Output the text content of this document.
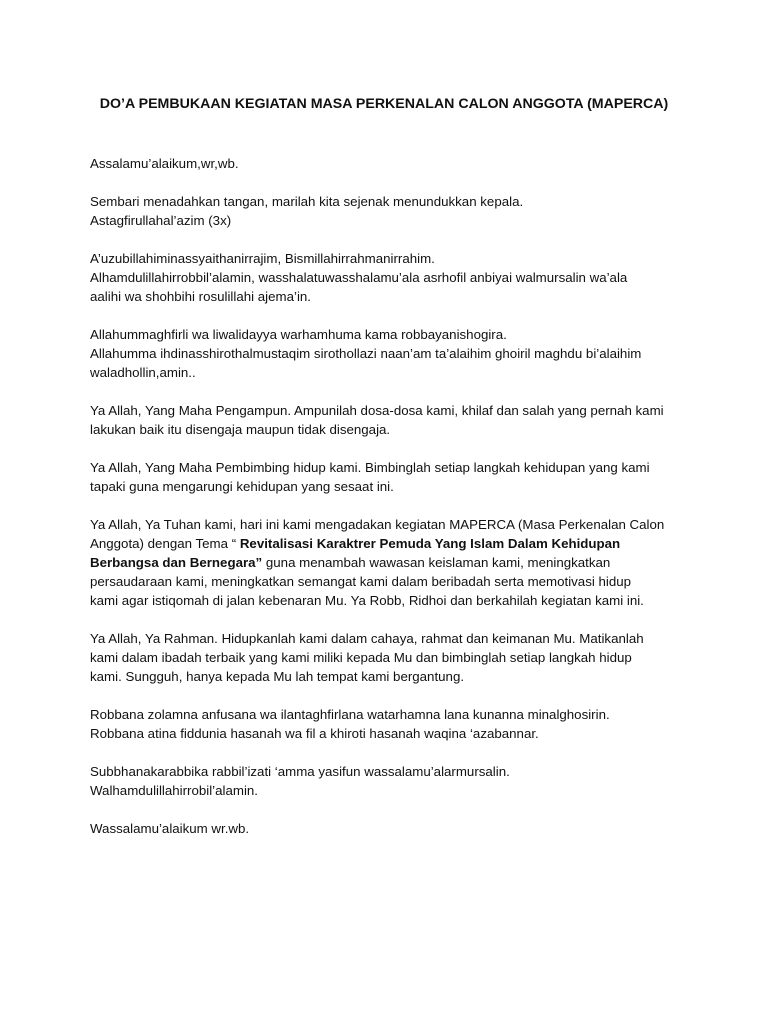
DO’A PEMBUKAAN KEGIATAN MASA PERKENALAN CALON ANGGOTA (MAPERCA)
Assalamu’alaikum,wr,wb.
Sembari menadahkan tangan, marilah kita sejenak menundukkan kepala.
Astagfirullahal’azim (3x)
A’uzubillahiminassyaithanirrajim, Bismillahirrahmanirrahim.
Alhamdulillahirrobbil’alamin, wasshalatuwasshalamu’ala asrhofil anbiyai walmursalin wa’ala
aalihi wa shohbihi rosulillahi ajema’in.
Allahummaghfirli wa liwalidayya warhamhuma kama robbayanishogira.
Allahumma ihdinasshirothalmustaqim sirothollazi naan’am ta’alaihim ghoiril maghdu bi’alaihim
waladhollin,amin..
Ya Allah, Yang Maha Pengampun. Ampunilah dosa-dosa kami, khilaf dan salah yang pernah kami
lakukan baik itu disengaja maupun tidak disengaja.
Ya Allah, Yang Maha Pembimbing hidup kami. Bimbinglah setiap langkah kehidupan yang kami
tapaki guna mengarungi kehidupan yang sesaat ini.
Ya Allah, Ya Tuhan kami, hari ini kami mengadakan kegiatan MAPERCA (Masa Perkenalan Calon
Anggota) dengan Tema “ Revitalisasi Karaktrer Pemuda Yang Islam Dalam Kehidupan
Berbangsa dan Bernegara” guna menambah wawasan keislaman kami, meningkatkan
persaudaraan kami, meningkatkan semangat kami dalam beribadah serta memotivasi hidup
kami agar istiqomah di jalan kebenaran Mu. Ya Robb, Ridhoi dan berkahilah kegiatan kami ini.
Ya Allah, Ya Rahman. Hidupkanlah kami dalam cahaya, rahmat dan keimanan Mu. Matikanlah
kami dalam ibadah terbaik yang kami miliki kepada Mu dan bimbinglah setiap langkah hidup
kami. Sungguh, hanya kepada Mu lah tempat kami bergantung.
Robbana zolamna anfusana wa ilantaghfirlana watarhamna lana kunanna minalghosirin.
Robbana atina fiddunia hasanah wa fil a khiroti hasanah waqina ‘azabannar.
Subbhanakarabbika rabbil’izati ‘amma yasifun wassalamu’alarmursalin.
Walhamdulillahirrobil’alamin.
Wassalamu’alaikum wr.wb.
